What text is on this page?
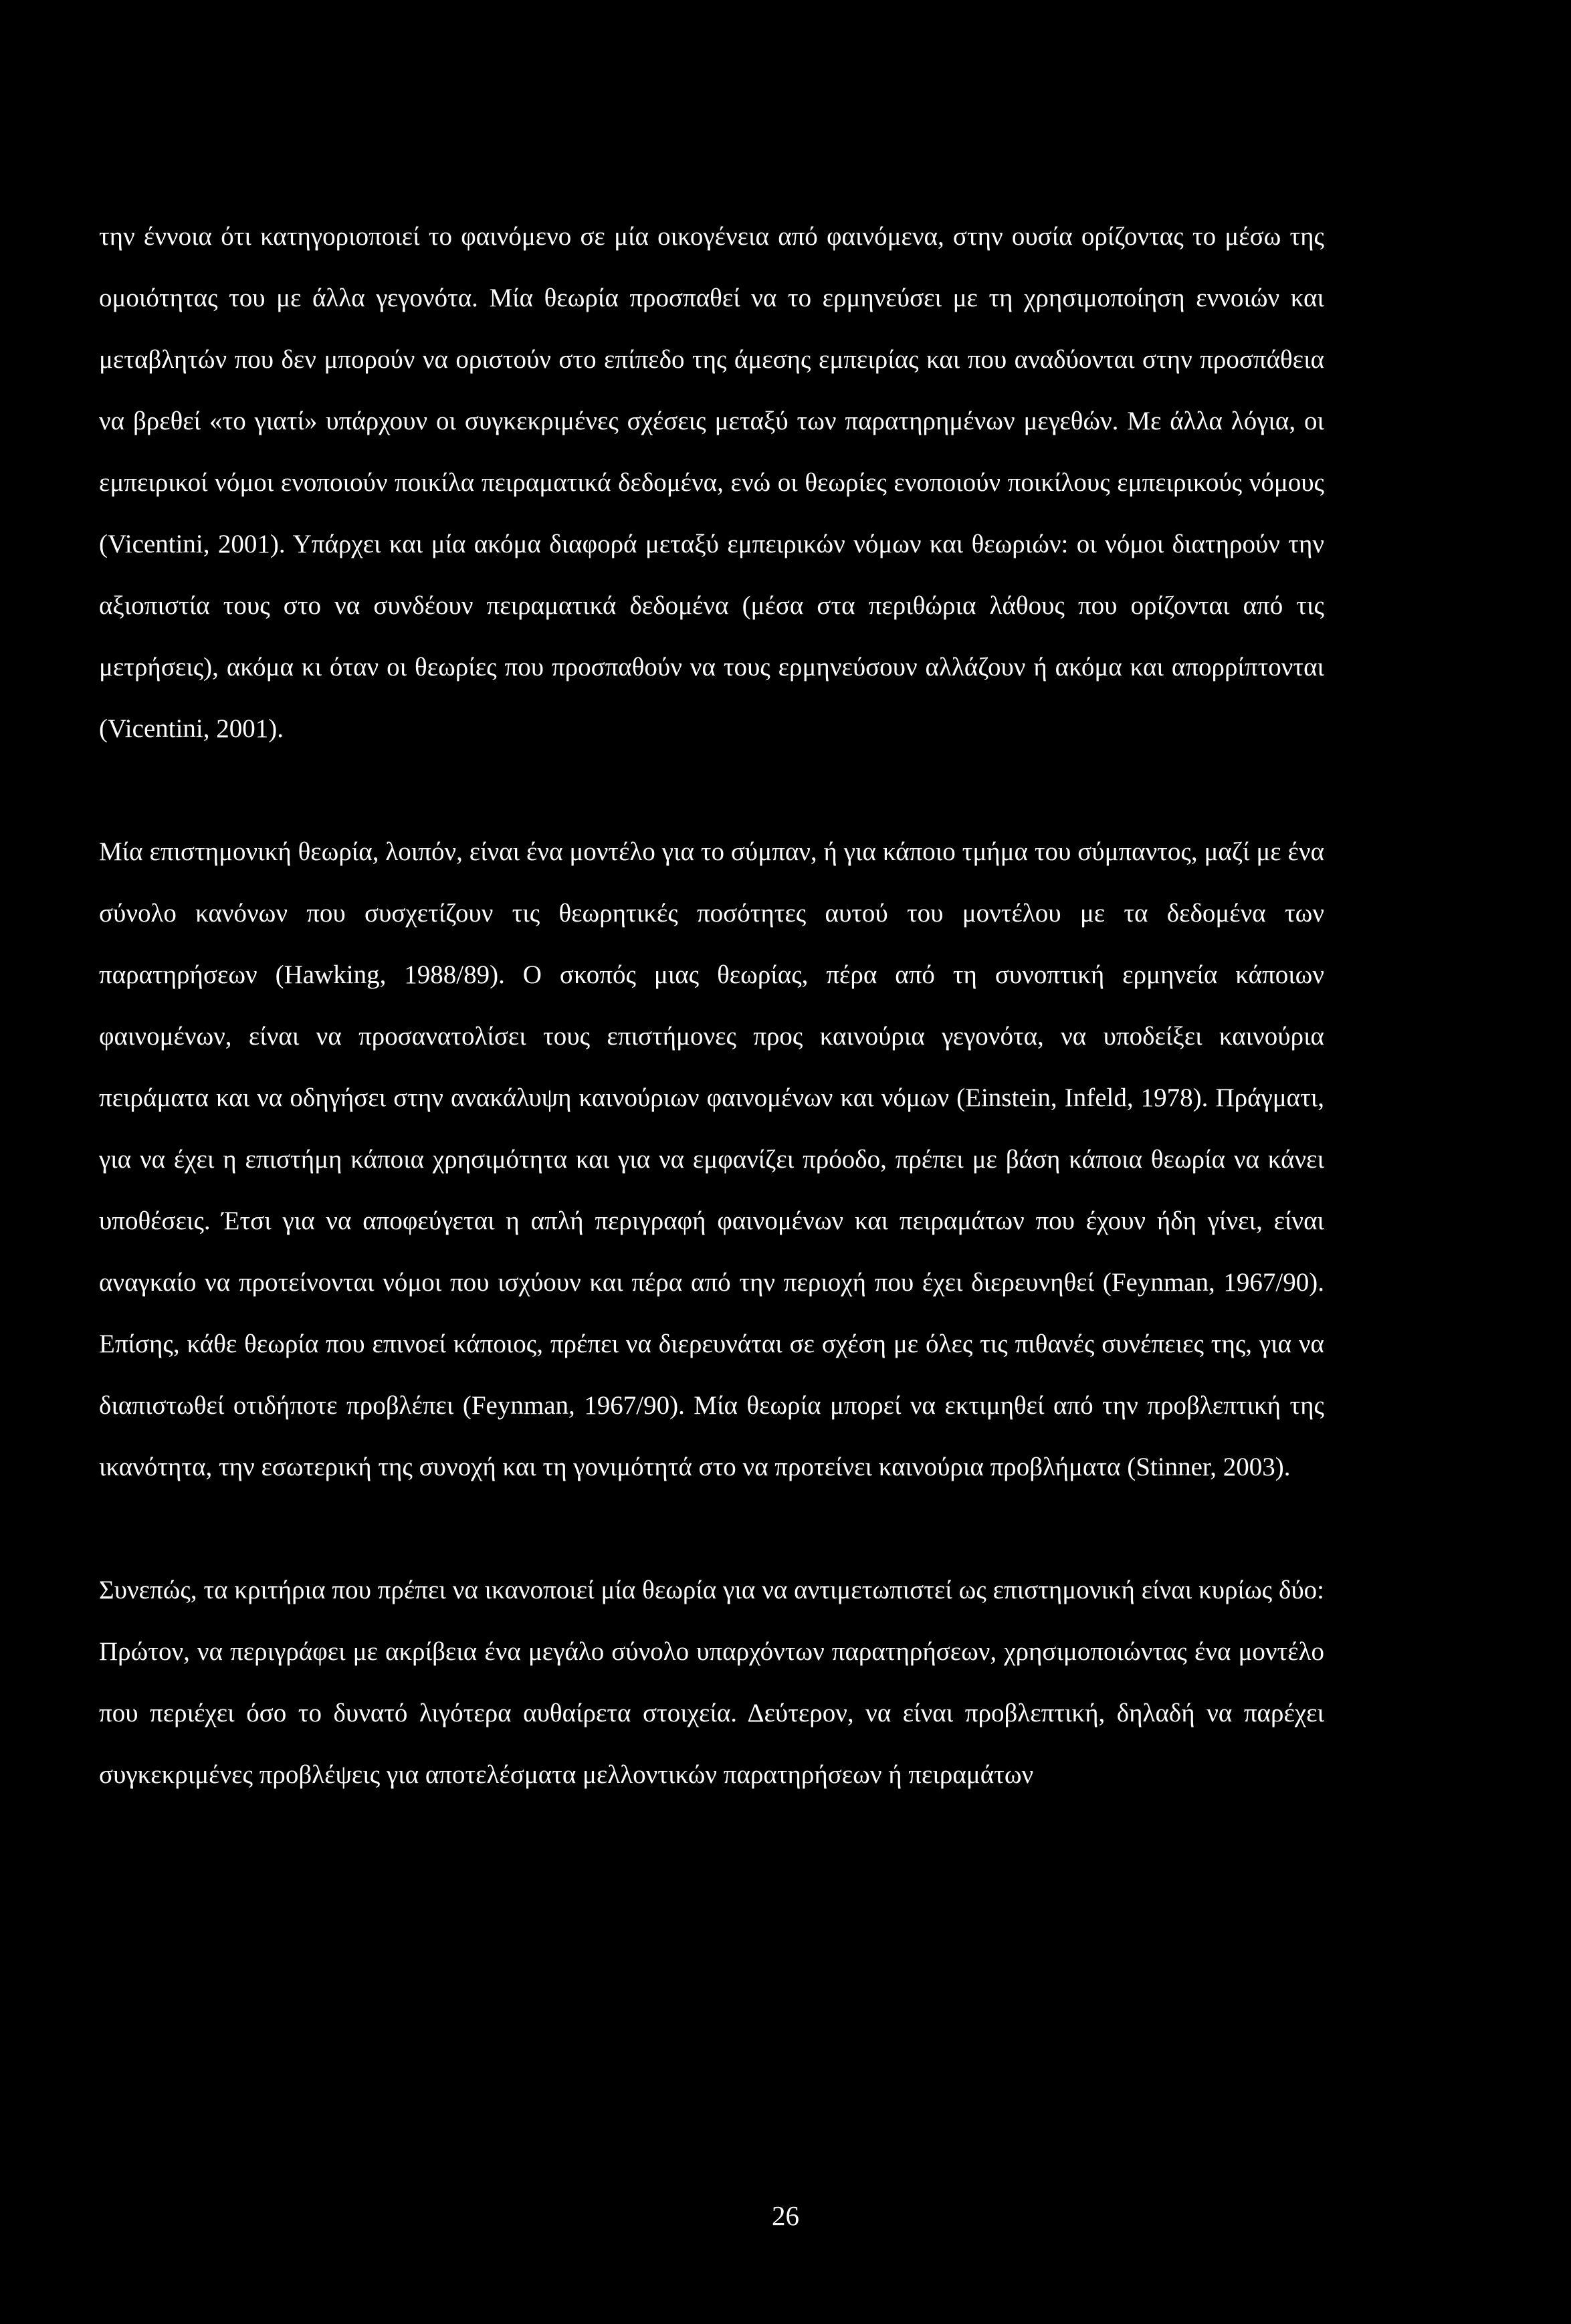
την έννοια ότι κατηγοριοποιεί το φαινόμενο σε μία οικογένεια από φαινόμενα, στην ουσία ορίζοντας το μέσω της ομοιότητας του με άλλα γεγονότα. Μία θεωρία προσπαθεί να το ερμηνεύσει με τη χρησιμοποίηση εννοιών και μεταβλητών που δεν μπορούν να οριστούν στο επίπεδο της άμεσης εμπειρίας και που αναδύονται στην προσπάθεια να βρεθεί «το γιατί» υπάρχουν οι συγκεκριμένες σχέσεις μεταξύ των παρατηρημένων μεγεθών. Με άλλα λόγια, οι εμπειρικοί νόμοι ενοποιούν ποικίλα πειραματικά δεδομένα, ενώ οι θεωρίες ενοποιούν ποικίλους εμπειρικούς νόμους (Vicentini, 2001). Υπάρχει και μία ακόμα διαφορά μεταξύ εμπειρικών νόμων και θεωριών: οι νόμοι διατηρούν την αξιοπιστία τους στο να συνδέουν πειραματικά δεδομένα (μέσα στα περιθώρια λάθους που ορίζονται από τις μετρήσεις), ακόμα κι όταν οι θεωρίες που προσπαθούν να τους ερμηνεύσουν αλλάζουν ή ακόμα και απορρίπτονται (Vicentini, 2001).

Μία επιστημονική θεωρία, λοιπόν, είναι ένα μοντέλο για το σύμπαν, ή για κάποιο τμήμα του σύμπαντος, μαζί με ένα σύνολο κανόνων που συσχετίζουν τις θεωρητικές ποσότητες αυτού του μοντέλου με τα δεδομένα των παρατηρήσεων (Hawking, 1988/89). Ο σκοπός μιας θεωρίας, πέρα από τη συνοπτική ερμηνεία κάποιων φαινομένων, είναι να προσανατολίσει τους επιστήμονες προς καινούρια γεγονότα, να υποδείξει καινούρια πειράματα και να οδηγήσει στην ανακάλυψη καινούριων φαινομένων και νόμων (Einstein, Infeld, 1978). Πράγματι, για να έχει η επιστήμη κάποια χρησιμότητα και για να εμφανίζει πρόοδο, πρέπει με βάση κάποια θεωρία να κάνει υποθέσεις. Έτσι για να αποφεύγεται η απλή περιγραφή φαινομένων και πειραμάτων που έχουν ήδη γίνει, είναι αναγκαίο να προτείνονται νόμοι που ισχύουν και πέρα από την περιοχή που έχει διερευνηθεί (Feynman, 1967/90). Επίσης, κάθε θεωρία που επινοεί κάποιος, πρέπει να διερευνάται σε σχέση με όλες τις πιθανές συνέπειες της, για να διαπιστωθεί οτιδήποτε προβλέπει (Feynman, 1967/90). Μία θεωρία μπορεί να εκτιμηθεί από την προβλεπτική της ικανότητα, την εσωτερική της συνοχή και τη γονιμότητά στο να προτείνει καινούρια προβλήματα (Stinner, 2003).

Συνεπώς, τα κριτήρια που πρέπει να ικανοποιεί μία θεωρία για να αντιμετωπιστεί ως επιστημονική είναι κυρίως δύο: Πρώτον, να περιγράφει με ακρίβεια ένα μεγάλο σύνολο υπαρχόντων παρατηρήσεων, χρησιμοποιώντας ένα μοντέλο που περιέχει όσο το δυνατό λιγότερα αυθαίρετα στοιχεία. Δεύτερον, να είναι προβλεπτική, δηλαδή να παρέχει συγκεκριμένες προβλέψεις για αποτελέσματα μελλοντικών παρατηρήσεων ή πειραμάτων

26
